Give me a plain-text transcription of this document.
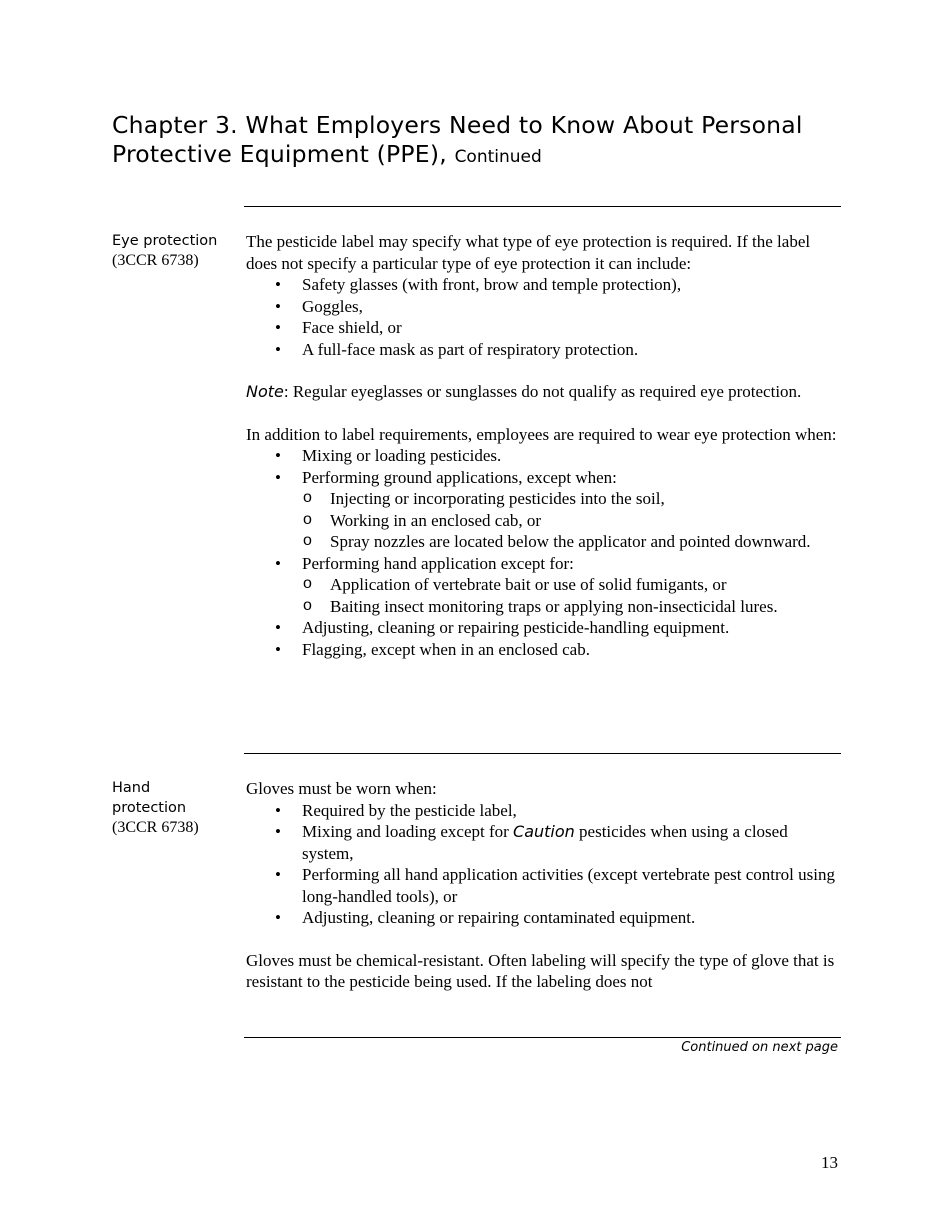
Chapter 3. What Employers Need to Know About Personal Protective Equipment (PPE), Continued
Eye protection
(3CCR 6738)

The pesticide label may specify what type of eye protection is required. If the label does not specify a particular type of eye protection it can include:

• Safety glasses (with front, brow and temple protection),
• Goggles,
• Face shield, or
• A full-face mask as part of respiratory protection.

Note: Regular eyeglasses or sunglasses do not qualify as required eye protection.

In addition to label requirements, employees are required to wear eye protection when:

• Mixing or loading pesticides.
• Performing ground applications, except when:
o Injecting or incorporating pesticides into the soil,
o Working in an enclosed cab, or
o Spray nozzles are located below the applicator and pointed downward.
• Performing hand application except for:
o Application of vertebrate bait or use of solid fumigants, or
o Baiting insect monitoring traps or applying non-insecticidal lures.
• Adjusting, cleaning or repairing pesticide-handling equipment.
• Flagging, except when in an enclosed cab.
Hand
protection
(3CCR 6738)

Gloves must be worn when:

• Required by the pesticide label,
• Mixing and loading except for Caution pesticides when using a closed system,
• Performing all hand application activities (except vertebrate pest control using long-handled tools), or
• Adjusting, cleaning or repairing contaminated equipment.

Gloves must be chemical-resistant. Often labeling will specify the type of glove that is resistant to the pesticide being used. If the labeling does not

Continued on next page
13
